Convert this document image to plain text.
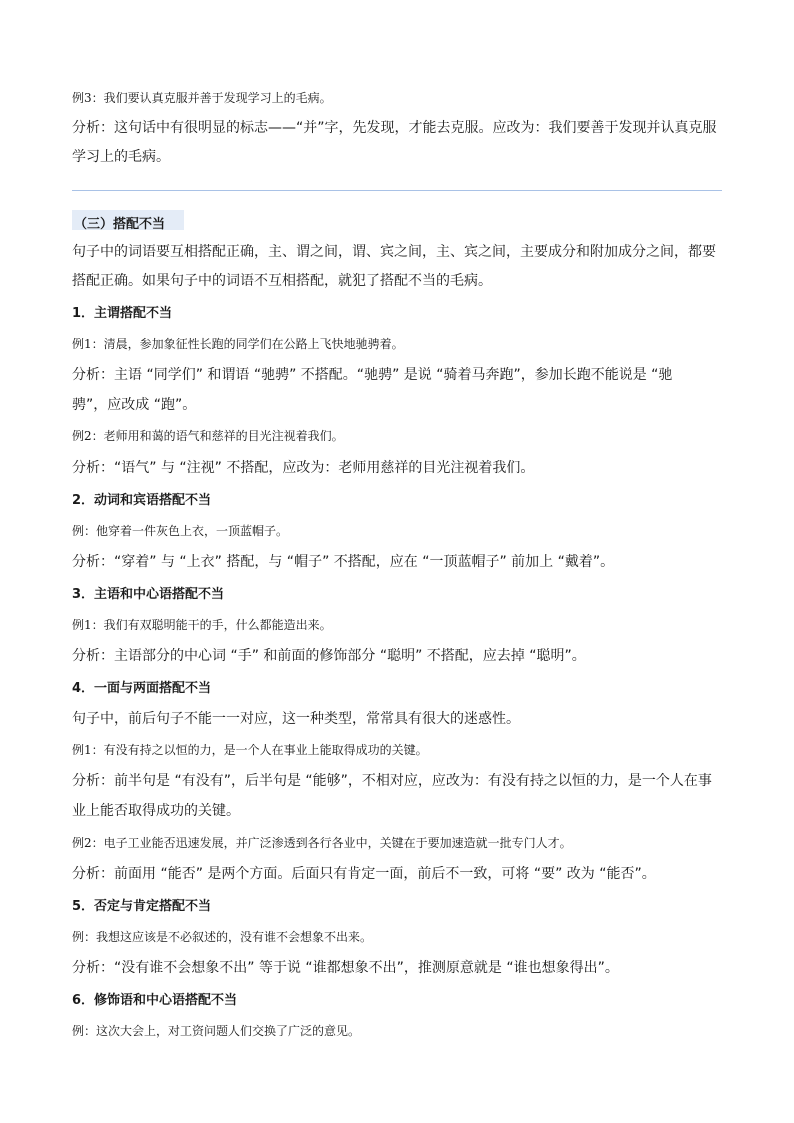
例3：我们要认真克服并善于发现学习上的毛病。
分析：这句话中有很明显的标志——“并”字，先发现，才能去克服。应改为：我们要善于发现并认真克服
学习上的毛病。
（三）搭配不当
句子中的词语要互相搭配正确，主、谓之间，谓、宾之间，主、宾之间，主要成分和附加成分之间，都要
搭配正确。如果句子中的词语不互相搭配，就犯了搭配不当的毛病。
1．主谓搭配不当
例1：清晨，参加象征性长跑的同学们在公路上飞快地驰骋着。
分析：主语 “同学们” 和谓语 “驰骋” 不搭配。“驰骋” 是说 “骑着马奔跑”，参加长跑不能说是 “驰
骋”，应改成 “跑”。
例2：老师用和蔼的语气和慈祥的目光注视着我们。
分析：“语气” 与 “注视” 不搭配，应改为：老师用慈祥的目光注视着我们。
2．动词和宾语搭配不当
例：他穿着一件灰色上衣，一顶蓝帽子。
分析：“穿着” 与 “上衣” 搭配，与 “帽子” 不搭配，应在 “一顶蓝帽子” 前加上 “戴着”。
3．主语和中心语搭配不当
例1：我们有双聪明能干的手，什么都能造出来。
分析：主语部分的中心词 “手” 和前面的修饰部分 “聪明” 不搭配，应去掉 “聪明”。
4．一面与两面搭配不当
句子中，前后句子不能一一对应，这一种类型，常常具有很大的迷惑性。
例1：有没有持之以恒的力，是一个人在事业上能取得成功的关键。
分析：前半句是 “有没有”，后半句是 “能够”，不相对应，应改为：有没有持之以恒的力，是一个人在事
业上能否取得成功的关键。
例2：电子工业能否迅速发展，并广泛渗透到各行各业中，关键在于要加速造就一批专门人才。
分析：前面用 “能否” 是两个方面。后面只有肯定一面，前后不一致，可将 “要” 改为 “能否”。
5．否定与肯定搭配不当
例：我想这应该是不必叙述的，没有谁不会想象不出来。
分析：“没有谁不会想象不出” 等于说 “谁都想象不出”，推测原意就是 “谁也想象得出”。
6．修饰语和中心语搭配不当
例：这次大会上，对工资问题人们交换了广泛的意见。
